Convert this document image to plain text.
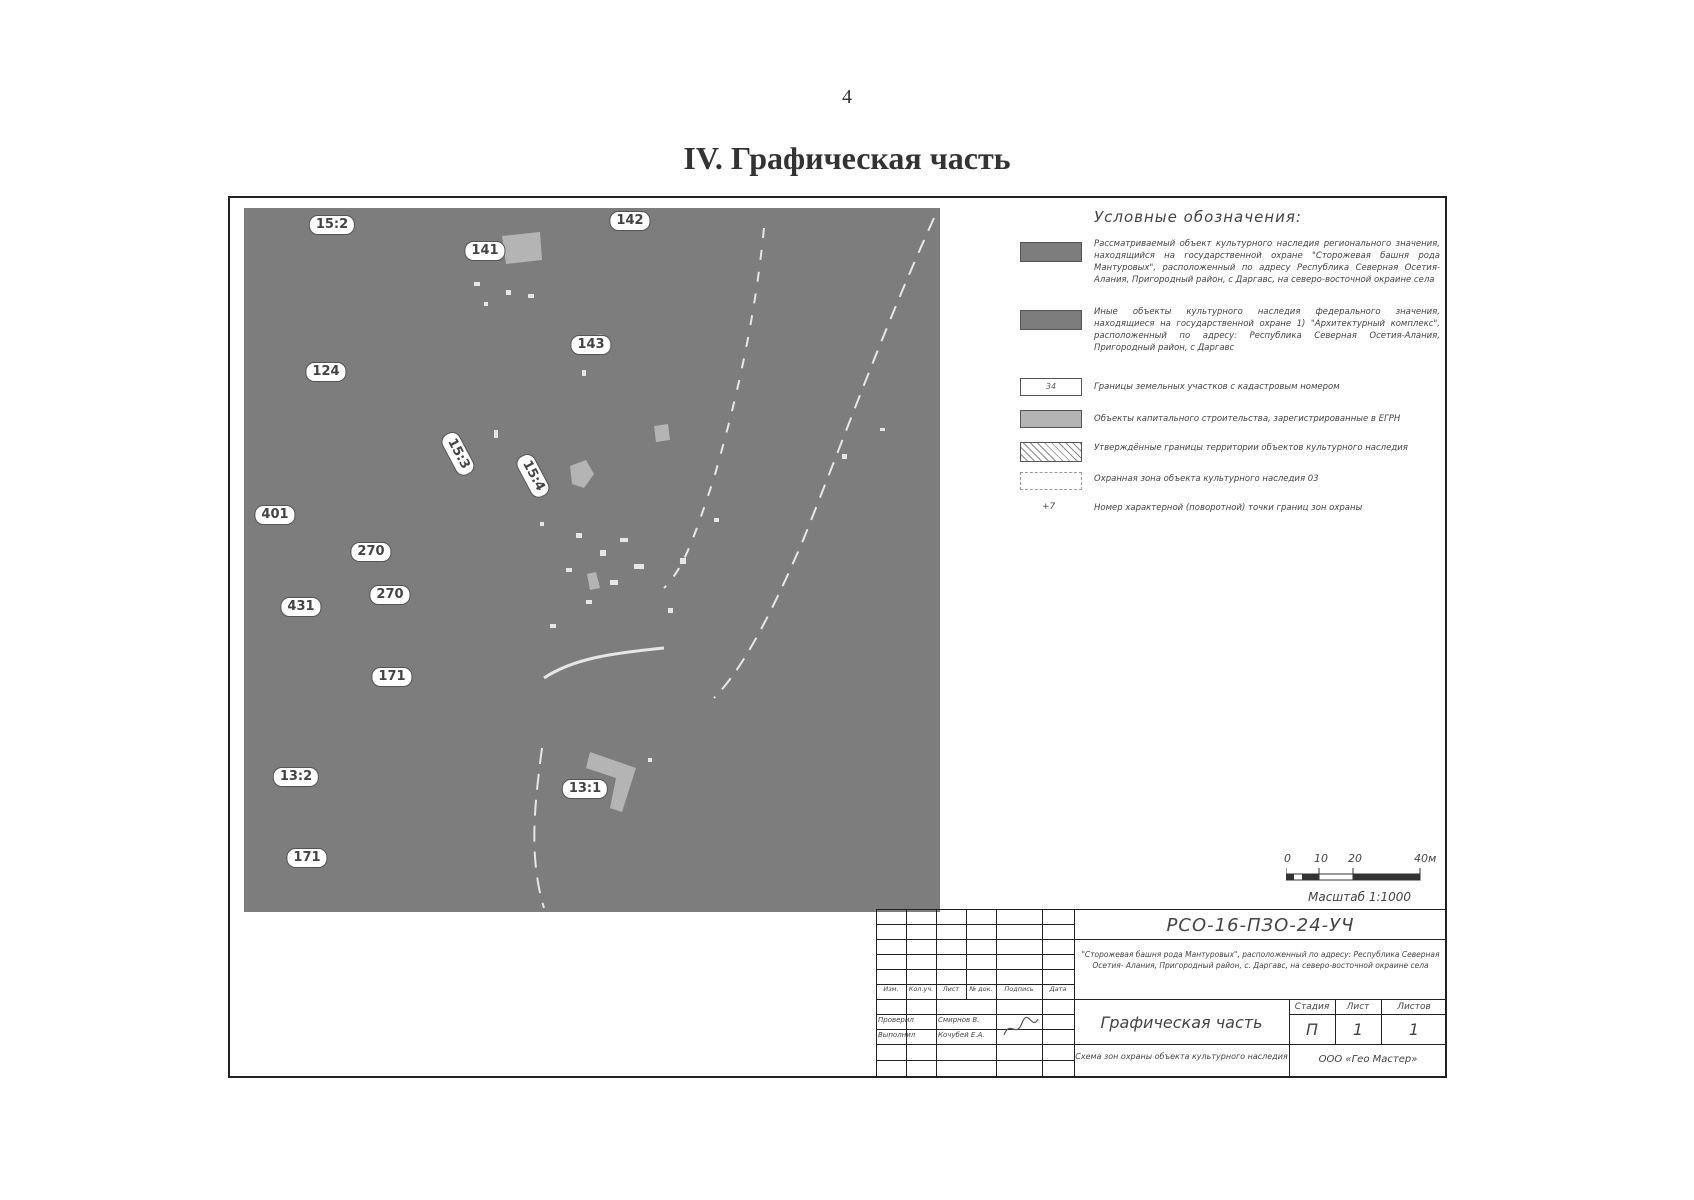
4
IV. Графическая часть
15:2
141
142
143
124
15:3
15:4
401
270
270
431
171
13:2
13:1
171
Условные обозначения:
Рассматриваемый объект культурного наследия регионального значения, находящийся на государственной охране "Сторожевая башня рода Мантуровых", расположенный по адресу Республика Северная Осетия- Алания, Пригородный район, с Даргавс, на северо-восточной окраине села
Иные объекты культурного наследия федерального значения, находящиеся на государственной охране 1) "Архитектурный комплекс", расположенный по адресу: Республика Северная Осетия-Алания, Пригородный район, с Даргавс
34	Границы земельных участков с кадастровым номером
Объекты капитального строительства, зарегистрированные в ЕГРН
Утверждённые границы территории объектов культурного наследия
Охранная зона объекта культурного наследия 03
+7	Номер характерной (поворотной) точки границ зон охраны
0 10 20	40м
Масштаб 1:1000
Изм.	Кол.уч.	Лист	№ док.	Подпись	Дата
Проверил	Смирнов В.
Выполнил	Кочубей Е.А.
РСО-16-ПЗО-24-УЧ
"Сторожевая башня рода Мантуровых", расположенный по адресу: Республика Северная Осетия- Алания, Пригородный район, с. Даргавс, на северо-восточной окраине села
Графическая часть
Схема зон охраны объекта культурного наследия
Стадия	Лист	Листов
П	1	1
ООО «Гео Мастер»
